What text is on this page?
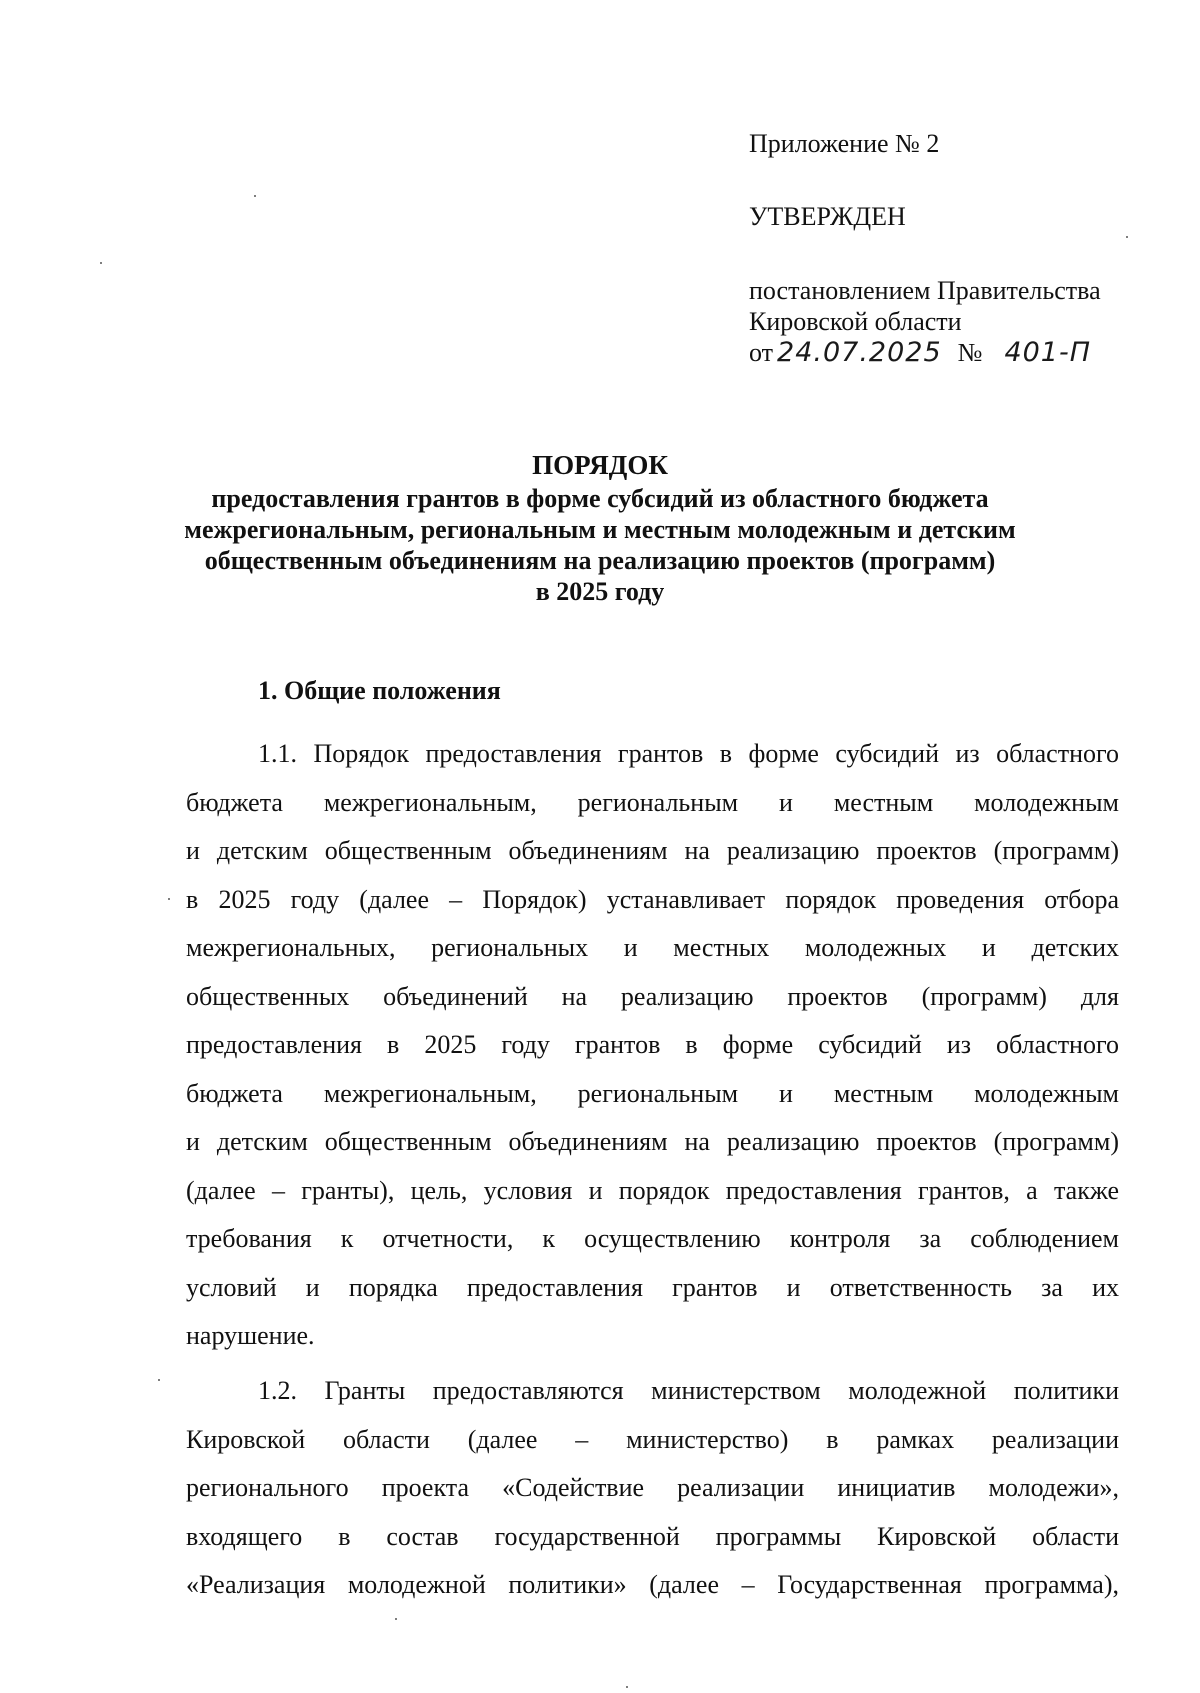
Приложение № 2
УТВЕРЖДЕН
постановлением Правительства
Кировской области
от 24.07.2025 № 401-П
ПОРЯДОК
предоставления грантов в форме субсидий из областного бюджета
межрегиональным, региональным и местным молодежным и детским
общественным объединениям на реализацию проектов (программ)
в 2025 году
1. Общие положения
1.1. Порядок предоставления грантов в форме субсидий из областного
бюджета межрегиональным, региональным и местным молодежным
и детским общественным объединениям на реализацию проектов (программ)
в 2025 году (далее – Порядок) устанавливает порядок проведения отбора
межрегиональных, региональных и местных молодежных и детских
общественных объединений на реализацию проектов (программ) для
предоставления в 2025 году грантов в форме субсидий из областного
бюджета межрегиональным, региональным и местным молодежным
и детским общественным объединениям на реализацию проектов (программ)
(далее – гранты), цель, условия и порядок предоставления грантов, а также
требования к отчетности, к осуществлению контроля за соблюдением
условий и порядка предоставления грантов и ответственность за их
нарушение.
1.2. Гранты предоставляются министерством молодежной политики
Кировской области (далее – министерство) в рамках реализации
регионального проекта «Содействие реализации инициатив молодежи»,
входящего в состав государственной программы Кировской области
«Реализация молодежной политики» (далее – Государственная программа),
